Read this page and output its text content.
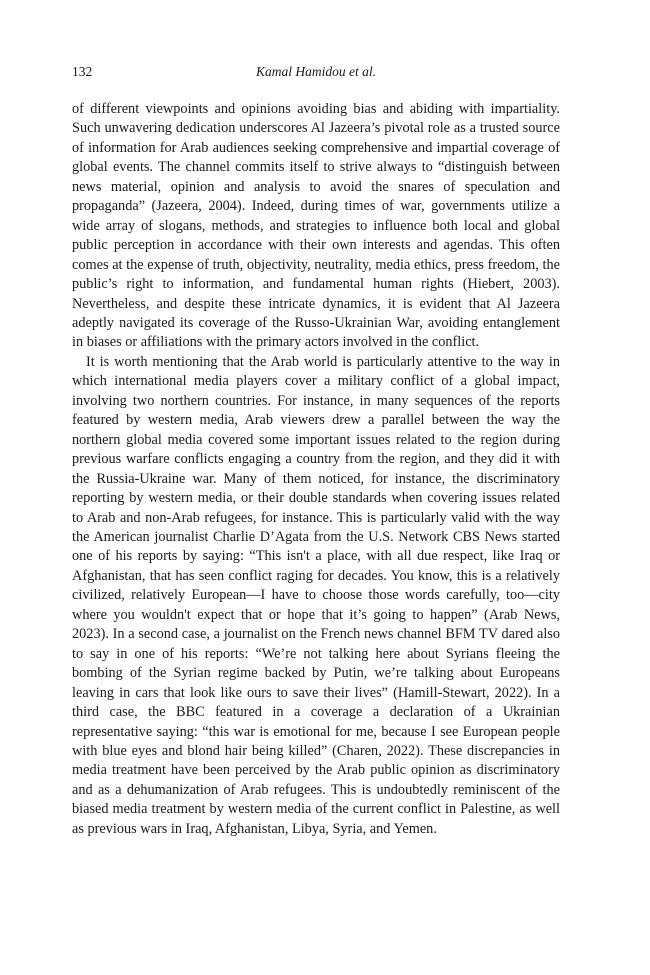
132	Kamal Hamidou et al.

of different viewpoints and opinions avoiding bias and abiding with impartiality. Such unwavering dedication underscores Al Jazeera’s pivotal role as a trusted source of information for Arab audiences seeking comprehensive and impartial coverage of global events. The channel commits itself to strive always to “distinguish between news material, opinion and analysis to avoid the snares of speculation and propaganda” (Jazeera, 2004). Indeed, during times of war, governments utilize a wide array of slogans, methods, and strategies to influence both local and global public perception in accordance with their own interests and agendas. This often comes at the expense of truth, objectivity, neutrality, media ethics, press freedom, the public’s right to information, and fundamental human rights (Hiebert, 2003). Nevertheless, and despite these intricate dynamics, it is evident that Al Jazeera adeptly navigated its coverage of the Russo-Ukrainian War, avoiding entanglement in biases or affiliations with the primary actors involved in the conflict.

It is worth mentioning that the Arab world is particularly attentive to the way in which international media players cover a military conflict of a global impact, involving two northern countries. For instance, in many sequences of the reports featured by western media, Arab viewers drew a parallel between the way the northern global media covered some important issues related to the region during previous warfare conflicts engaging a country from the region, and they did it with the Russia-Ukraine war. Many of them noticed, for instance, the discriminatory reporting by western media, or their double standards when covering issues related to Arab and non-Arab refugees, for instance. This is particularly valid with the way the American journalist Charlie D’Agata from the U.S. Network CBS News started one of his reports by saying: “This isn't a place, with all due respect, like Iraq or Afghanistan, that has seen conflict raging for decades. You know, this is a relatively civilized, relatively European—I have to choose those words carefully, too—city where you wouldn't expect that or hope that it’s going to happen” (Arab News, 2023). In a second case, a journalist on the French news channel BFM TV dared also to say in one of his reports: “We’re not talking here about Syrians fleeing the bombing of the Syrian regime backed by Putin, we’re talking about Europeans leaving in cars that look like ours to save their lives” (Hamill-Stewart, 2022). In a third case, the BBC featured in a coverage a declaration of a Ukrainian representative saying: “this war is emotional for me, because I see European people with blue eyes and blond hair being killed” (Charen, 2022). These discrepancies in media treatment have been perceived by the Arab public opinion as discriminatory and as a dehumanization of Arab refugees. This is undoubtedly reminiscent of the biased media treatment by western media of the current conflict in Palestine, as well as previous wars in Iraq, Afghanistan, Libya, Syria, and Yemen.
